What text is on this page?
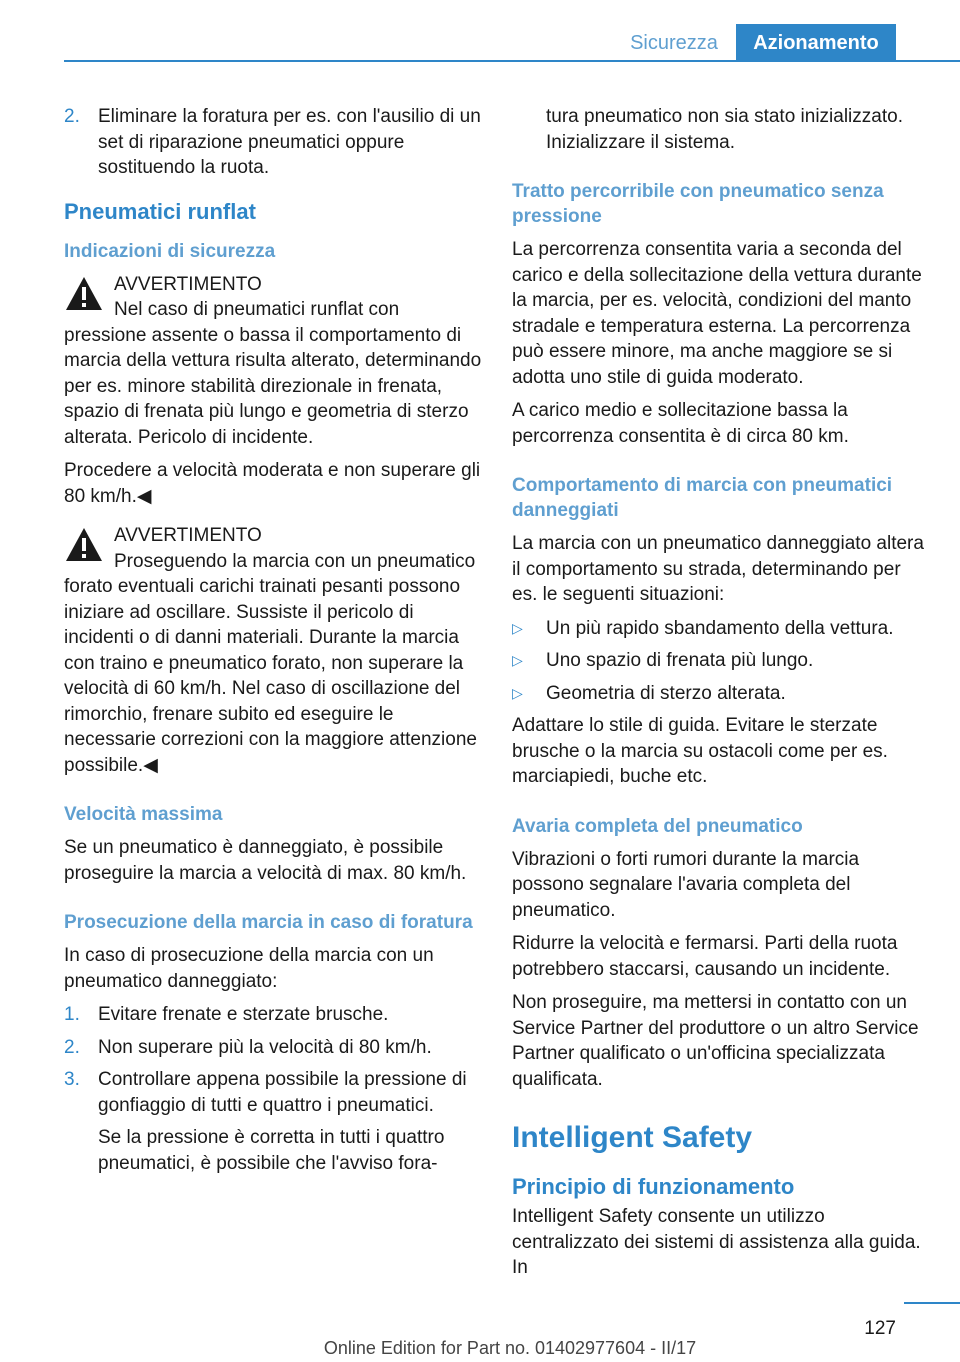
Sicurezza	Azionamento
2. Eliminare la foratura per es. con l'ausilio di un set di riparazione pneumatici oppure sostituendo la ruota.
Pneumatici runflat
Indicazioni di sicurezza
AVVERTIMENTO
Nel caso di pneumatici runflat con pressione assente o bassa il comportamento di marcia della vettura risulta alterato, determinando per es. minore stabilità direzionale in frenata, spazio di frenata più lungo e geometria di sterzo alterata. Pericolo di incidente.

Procedere a velocità moderata e non superare gli 80 km/h.◀

AVVERTIMENTO
Proseguendo la marcia con un pneumatico forato eventuali carichi trainati pesanti possono iniziare ad oscillare. Sussiste il pericolo di incidenti o di danni materiali. Durante la marcia con traino e pneumatico forato, non superare la velocità di 60 km/h. Nel caso di oscillazione del rimorchio, frenare subito ed eseguire le necessarie correzioni con la maggiore attenzione possibile.◀
Velocità massima

Se un pneumatico è danneggiato, è possibile proseguire la marcia a velocità di max. 80 km/h.

Prosecuzione della marcia in caso di foratura

In caso di prosecuzione della marcia con un pneumatico danneggiato:

1. Evitare frenate e sterzate brusche.
2. Non superare più la velocità di 80 km/h.
3. Controllare appena possibile la pressione di gonfiaggio di tutti e quattro i pneumatici.

Se la pressione è corretta in tutti i quattro pneumatici, è possibile che l'avviso fora-

tura pneumatico non sia stato inizializzato. Inizializzare il sistema.

Tratto percorribile con pneumatico senza pressione

La percorrenza consentita varia a seconda del carico e della sollecitazione della vettura durante la marcia, per es. velocità, condizioni del manto stradale e temperatura esterna. La percorrenza può essere minore, ma anche maggiore se si adotta uno stile di guida moderato.

A carico medio e sollecitazione bassa la percorrenza consentita è di circa 80 km.

Comportamento di marcia con pneumatici danneggiati

La marcia con un pneumatico danneggiato altera il comportamento su strada, determinando per es. le seguenti situazioni:

▷	Un più rapido sbandamento della vettura.
▷	Uno spazio di frenata più lungo.
▷	Geometria di sterzo alterata.

Adattare lo stile di guida. Evitare le sterzate brusche o la marcia su ostacoli come per es. marciapiedi, buche etc.

Avaria completa del pneumatico

Vibrazioni o forti rumori durante la marcia possono segnalare l'avaria completa del pneumatico.

Ridurre la velocità e fermarsi. Parti della ruota potrebbero staccarsi, causando un incidente.

Non proseguire, ma mettersi in contatto con un Service Partner del produttore o un altro Service Partner qualificato o un'officina specializzata qualificata.

Intelligent Safety
Principio di funzionamento

Intelligent Safety consente un utilizzo centralizzato dei sistemi di assistenza alla guida. In

127
Online Edition for Part no. 01402977604 - II/17
